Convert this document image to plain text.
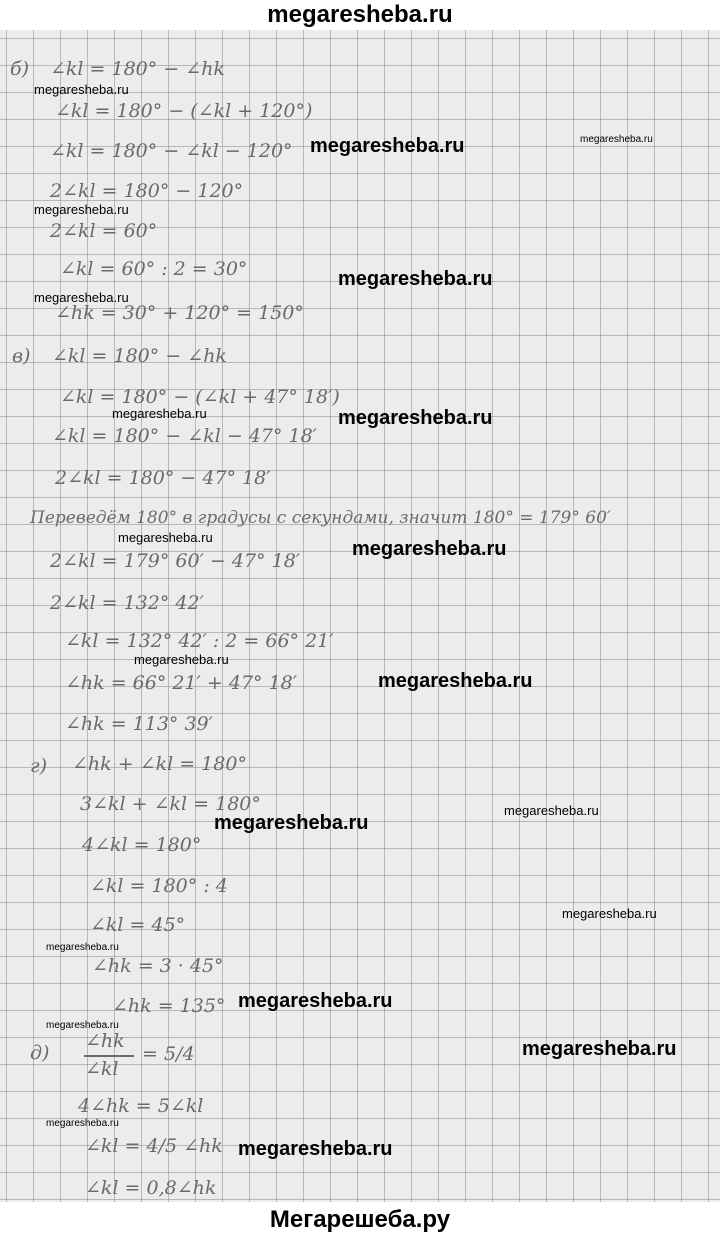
megaresheba.ru
б) ∠kl = 180° − ∠hk
megaresheba.ru
∠kl = 180° − (∠kl + 120°)
∠kl = 180° − ∠kl − 120° megaresheba.ru	megaresheba.ru
2∠kl = 180° − 120°
megaresheba.ru
2∠kl = 60°
∠kl = 60° : 2 = 30°	megaresheba.ru
megaresheba.ru
∠hk = 30° + 120° = 150°
в) ∠kl = 180° − ∠hk
∠kl = 180° − (∠kl + 47° 18′)
megaresheba.ru	megaresheba.ru
∠kl = 180° − ∠kl − 47° 18′
2∠kl = 180° − 47° 18′
Переведём 180° в градусы с секундами, значит 180° = 179° 60′
megaresheba.ru
megaresheba.ru
2∠kl = 179° 60′ − 47° 18′
2∠kl = 132° 42′
∠kl = 132° 42′ : 2 = 66° 21′
megaresheba.ru
∠hk = 66° 21′ + 47° 18′	megaresheba.ru
∠hk = 113° 39′
г) ∠hk + ∠kl = 180°
3∠kl + ∠kl = 180°
megaresheba.ru
megaresheba.ru
4∠kl = 180°
∠kl = 180° : 4
megaresheba.ru
∠kl = 45°
megaresheba.ru
∠hk = 3 · 45°
∠hk = 135° megaresheba.ru
megaresheba.ru
д)
∠hk
∠kl
= 5/4	megaresheba.ru
4∠hk = 5∠kl
megaresheba.ru
∠kl = 4/5 ∠hk megaresheba.ru
∠kl = 0,8∠hk
Мегарешеба.ру
